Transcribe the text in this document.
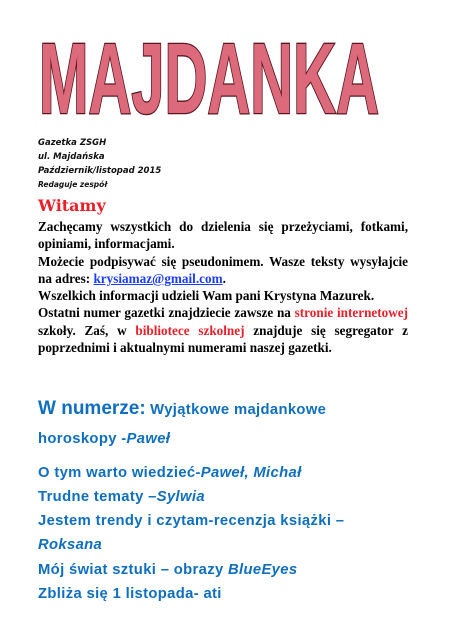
MAJDANKA
Gazetka ZSGH
ul. Majdańska
Październik/listopad 2015
Redaguje zespół
Witamy

Zachęcamy wszystkich do dzielenia się przeżyciami, fotkami, opiniami, informacjami.

Możecie podpisywać się pseudonimem. Wasze teksty wysyłajcie na adres: krysiamaz@gmail.com.

Wszelkich informacji udzieli Wam pani Krystyna Mazurek.

Ostatni numer gazetki znajdziecie zawsze na stronie internetowej szkoły. Zaś, w bibliotece szkolnej znajduje się segregator z poprzednimi i aktualnymi numerami naszej gazetki.

W numerze: Wyjątkowe majdankowe
horoskopy -Paweł
O tym warto wiedzieć-Paweł, Michał
Trudne tematy –Sylwia
Jestem trendy i czytam-recenzja książki –
Roksana
Mój świat sztuki – obrazy BlueEyes
Zbliża się 1 listopada- ati
